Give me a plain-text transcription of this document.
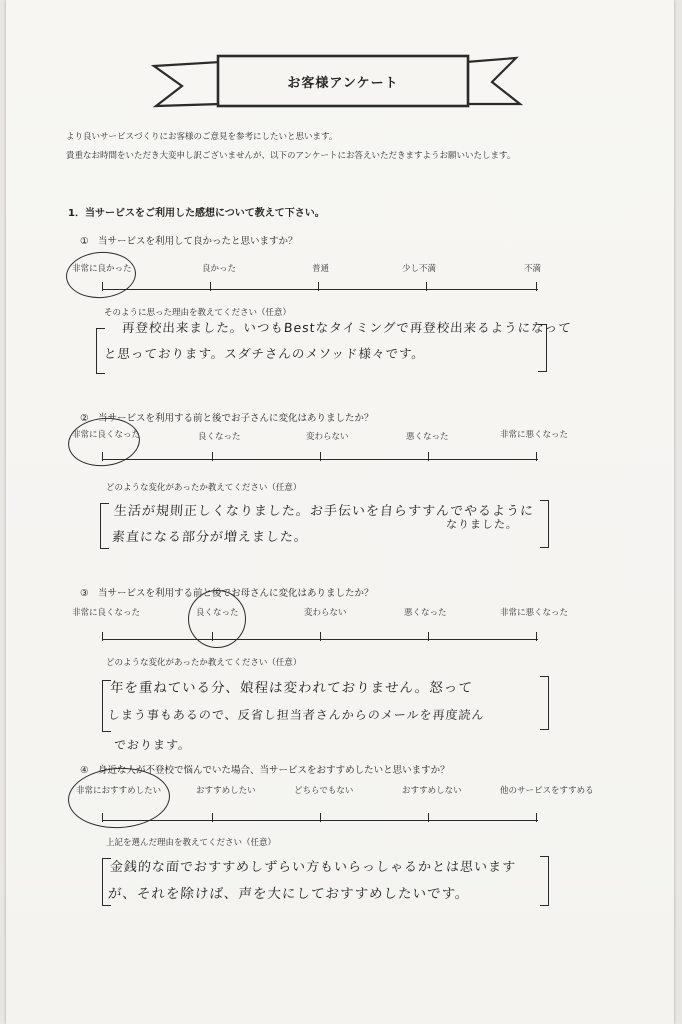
お客様アンケート
より良いサービスづくりにお客様のご意見を参考にしたいと思います。
貴重なお時間をいただき大変申し訳ございませんが、以下のアンケートにお答えいただきますようお願いいたします。
1．当サービスをご利用した感想について教えて下さい。
①　当サービスを利用して良かったと思いますか？
非常に良かった	良かった	普通	少し不満	不満
そのように思った理由を教えてください（任意）
再登校出来ました。いつもBestなタイミングで再登校出来るようになって
と思っております。スダチさんのメソッド様々です。
②　当サービスを利用する前と後でお子さんに変化はありましたか？
非常に良くなった	良くなった	変わらない	悪くなった	非常に悪くなった
どのような変化があったか教えてください（任意）
生活が規則正しくなりました。お手伝いを自らすすんでやるように
なりました。
素直になる部分が増えました。
③　当サービスを利用する前と後でお母さんに変化はありましたか？
非常に良くなった	良くなった	変わらない	悪くなった	非常に悪くなった
どのような変化があったか教えてください（任意）
年を重ねている分、娘程は変われておりません。怒って
しまう事もあるので、反省し担当者さんからのメールを再度読ん
でおります。
④　身近な人が不登校で悩んでいた場合、当サービスをおすすめしたいと思いますか？
非常におすすめしたい	おすすめしたい	どちらでもない	おすすめしない	他のサービスをすすめる
上記を選んだ理由を教えてください（任意）
金銭的な面でおすすめしずらい方もいらっしゃるかとは思います
が、それを除けば、声を大にしておすすめしたいです。
